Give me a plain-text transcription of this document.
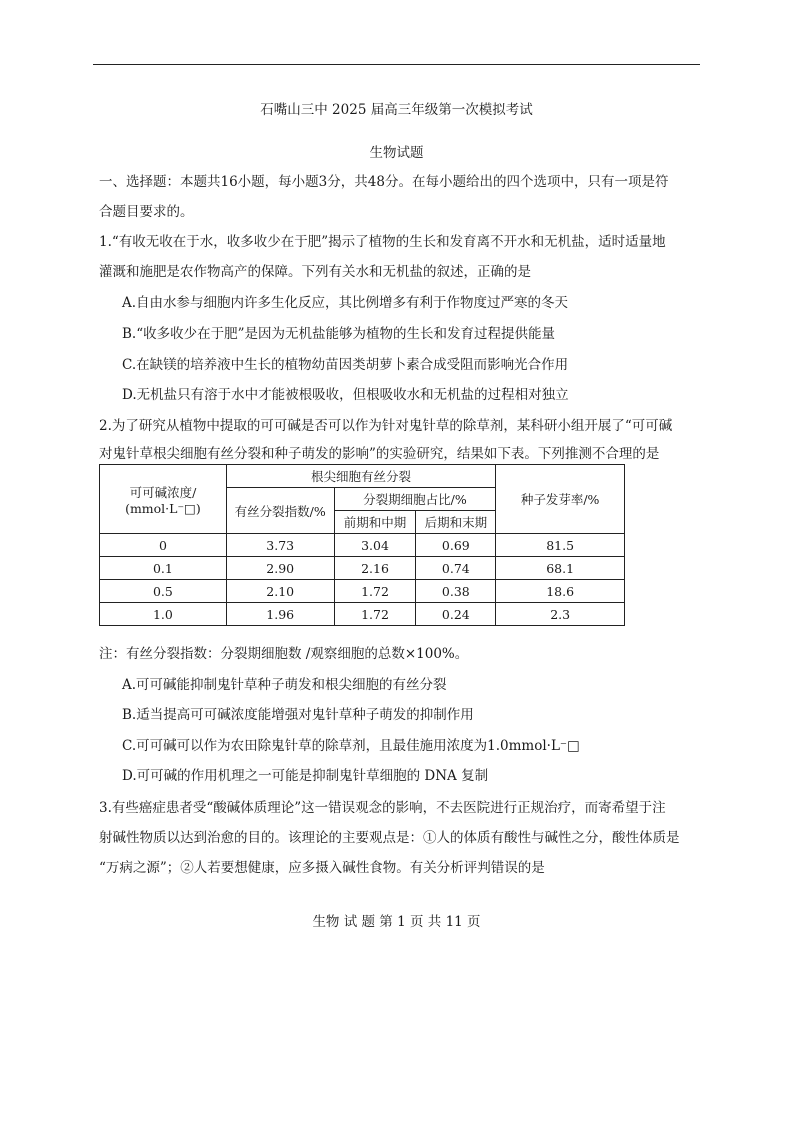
石嘴山三中 2025 届高三年级第一次模拟考试
生物试题
一、选择题：本题共16小题，每小题3分，共48分。在每小题给出的四个选项中，只有一项是符
合题目要求的。
1.“有收无收在于水，收多收少在于肥”揭示了植物的生长和发育离不开水和无机盐，适时适量地
灌溉和施肥是农作物高产的保障。下列有关水和无机盐的叙述，正确的是
A.自由水参与细胞内许多生化反应，其比例增多有利于作物度过严寒的冬天
B.“收多收少在于肥”是因为无机盐能够为植物的生长和发育过程提供能量
C.在缺镁的培养液中生长的植物幼苗因类胡萝卜素合成受阻而影响光合作用
D.无机盐只有溶于水中才能被根吸收，但根吸收水和无机盐的过程相对独立
2.为了研究从植物中提取的可可碱是否可以作为针对鬼针草的除草剂，某科研小组开展了“可可碱
对鬼针草根尖细胞有丝分裂和种子萌发的影响”的实验研究，结果如下表。下列推测不合理的是
可可碱浓度/
(mmol·L⁻□)	根尖细胞有丝分裂			种子发芽率/%
	有丝分裂指数/%	分裂期细胞占比/%		
		前期和中期	后期和末期	
0	3.73	3.04	0.69	81.5
0.1	2.90	2.16	0.74	68.1
0.5	2.10	1.72	0.38	18.6
1.0	1.96	1.72	0.24	2.3
注：有丝分裂指数：分裂期细胞数 /观察细胞的总数×100%。
A.可可碱能抑制鬼针草种子萌发和根尖细胞的有丝分裂
B.适当提高可可碱浓度能增强对鬼针草种子萌发的抑制作用
C.可可碱可以作为农田除鬼针草的除草剂，且最佳施用浓度为1.0mmol·L⁻□
D.可可碱的作用机理之一可能是抑制鬼针草细胞的 DNA 复制
3.有些癌症患者受“酸碱体质理论”这一错误观念的影响，不去医院进行正规治疗，而寄希望于注
射碱性物质以达到治愈的目的。该理论的主要观点是：①人的体质有酸性与碱性之分，酸性体质是
“万病之源”；②人若要想健康，应多摄入碱性食物。有关分析评判错误的是
生物 试 题 第 1 页 共 11 页
